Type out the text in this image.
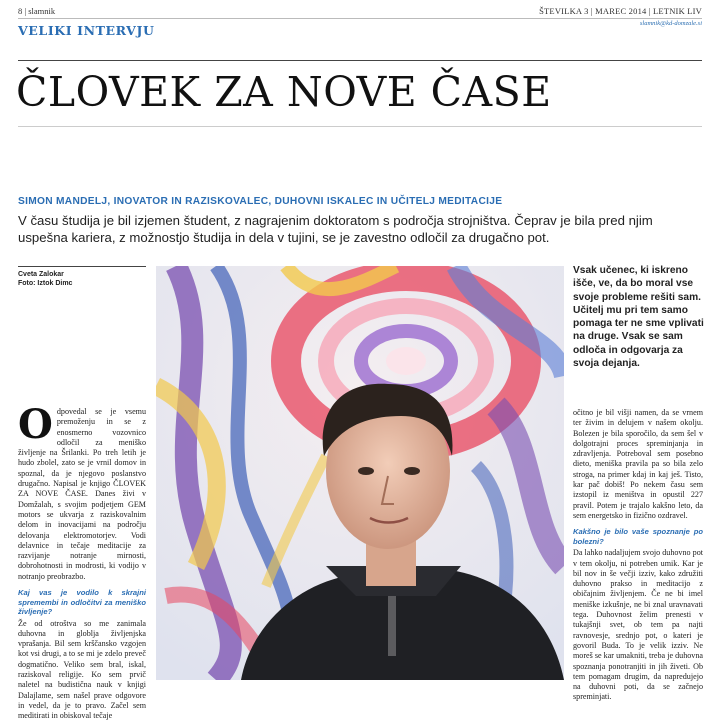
8 | slamnik	ŠTEVILKA 3 | MAREC 2014 | LETNIK LIV
slamnik@kd-domzale.si
VELIKI INTERVJU
ČLOVEK ZA NOVE ČASE
SIMON MANDELJ, INOVATOR IN RAZISKOVALEC, DUHOVNI ISKALEC IN UČITELJ MEDITACIJE
V času študija je bil izjemen študent, z nagrajenim doktoratom s področja strojništva. Čeprav je bila pred njim uspešna kariera, z možnostjo študija in dela v tujini, se je zavestno odločil za drugačno pot.
Cveta Zalokar
Foto: Iztok Dimc
Vsak učenec, ki iskreno išče, ve, da bo moral vse svoje probleme rešiti sam. Učitelj mu pri tem samo pomaga ter ne sme vplivati na druge. Vsak se sam odloča in odgovarja za svoja dejanja.
O dpovedal se je vsemu premoženju in se z enosmerno vozovnico odločil za meniško življenje na Šrilanki. Po treh letih je hudo zbolel, zato se je vrnil domov in spoznal, da je njegovo poslanstvo drugačno. Napisal je knjigo ČLOVEK ZA NOVE ČASE. Danes živi v Domžalah, s svojim podjetjem GEM motors se ukvarja z raziskovalnim delom in inovacijami na področju delovanja elektromotorjev. Vodi delavnice in tečaje meditacije za razvijanje notranje mirnosti, dobrohotnosti in modrosti, ki vodijo v notranjo preobrazbo.

Kaj vas je vodilo k skrajni spremembi in odločitvi za meniško življenje?

Že od otroštva so me zanimala duhovna in globlja življenjska vprašanja. Bil sem krščansko vzgojen kot vsi drugi, a to se mi je zdelo preveč dogmatično. Veliko sem bral, iskal, raziskoval religije. Ko sem prvič naletel na budistična nauk v knjigi Dalajlame, sem našel prave odgovore in vedel, da je to pravo. Začel sem meditirati in obiskoval tečaje

očitno je bil višji namen, da se vrnem ter živim in delujem v našem okolju. Bolezen je bila sporočilo, da sem šel v dolgotrajni proces spreminjanja in zdravljenja. Potreboval sem posebno dieto, meniška pravila pa so bila zelo stroga, na primer kdaj in kaj ješ. Tisto, kar pač dobiš! Po nekem času sem izstopil iz meništva in opustil 227 pravil. Potem je trajalo kakšno leto, da sem energetsko in fizično ozdravel.

Kakšno je bilo vaše spoznanje po bolezni?

Da lahko nadaljujem svojo duhovno pot v tem okolju, ni potreben umik. Kar je bil nov in še večji izziv, kako združiti duhovno prakso in meditacijo z običajnim življenjem. Če ne bi imel meniške izkušnje, ne bi znal uravnavati tega. Duhovnost želim prenesti v tukajšnji svet, ob tem pa najti ravnovesje, srednjo pot, o kateri je govoril Buda. To je velik izziv. Ne moreš se kar umakniti, treba je duhovna spoznanja ponotranjiti in jih živeti. Ob tem pomagam drugim, da napredujejo na duhovni poti, da se začnejo spreminjati.
